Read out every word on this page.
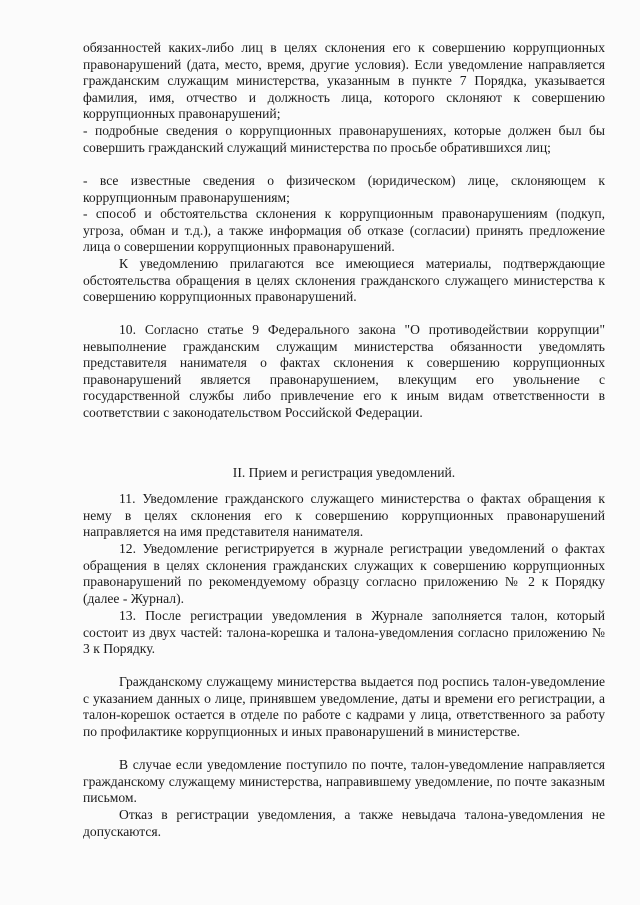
обязанностей каких-либо лиц в целях склонения его к совершению коррупционных правонарушений (дата, место, время, другие условия). Если уведомление направляется гражданским служащим министерства, указанным в пункте 7 Порядка, указывается фамилия, имя, отчество и должность лица, которого склоняют к совершению коррупционных правонарушений;

- подробные сведения о коррупционных правонарушениях, которые должен был бы совершить гражданский служащий министерства по просьбе обратившихся лиц;

- все известные сведения о физическом (юридическом) лице, склоняющем к коррупционным правонарушениям;

- способ и обстоятельства склонения к коррупционным правонарушениям (подкуп, угроза, обман и т.д.), а также информация об отказе (согласии) принять предложение лица о совершении коррупционных правонарушений.

К уведомлению прилагаются все имеющиеся материалы, подтверждающие обстоятельства обращения в целях склонения гражданского служащего министерства к совершению коррупционных правонарушений.

10. Согласно статье 9 Федерального закона "О противодействии коррупции" невыполнение гражданским служащим министерства обязанности уведомлять представителя нанимателя о фактах склонения к совершению коррупционных правонарушений является правонарушением, влекущим его увольнение с государственной службы либо привлечение его к иным видам ответственности в соответствии с законодательством Российской Федерации.

II. Прием и регистрация уведомлений.

11. Уведомление гражданского служащего министерства о фактах обращения к нему в целях склонения его к совершению коррупционных правонарушений направляется на имя представителя нанимателя.

12. Уведомление регистрируется в журнале регистрации уведомлений о фактах обращения в целях склонения гражданских служащих к совершению коррупционных правонарушений по рекомендуемому образцу согласно приложению № 2 к Порядку (далее - Журнал).

13. После регистрации уведомления в Журнале заполняется талон, который состоит из двух частей: талона-корешка и талона-уведомления согласно приложению № 3 к Порядку.

Гражданскому служащему министерства выдается под роспись талон-уведомление с указанием данных о лице, принявшем уведомление, даты и времени его регистрации, а талон-корешок остается в отделе по работе с кадрами у лица, ответственного за работу по профилактике коррупционных и иных правонарушений в министерстве.

В случае если уведомление поступило по почте, талон-уведомление направляется гражданскому служащему министерства, направившему уведомление, по почте заказным письмом.

Отказ в регистрации уведомления, а также невыдача талона-уведомления не допускаются.
